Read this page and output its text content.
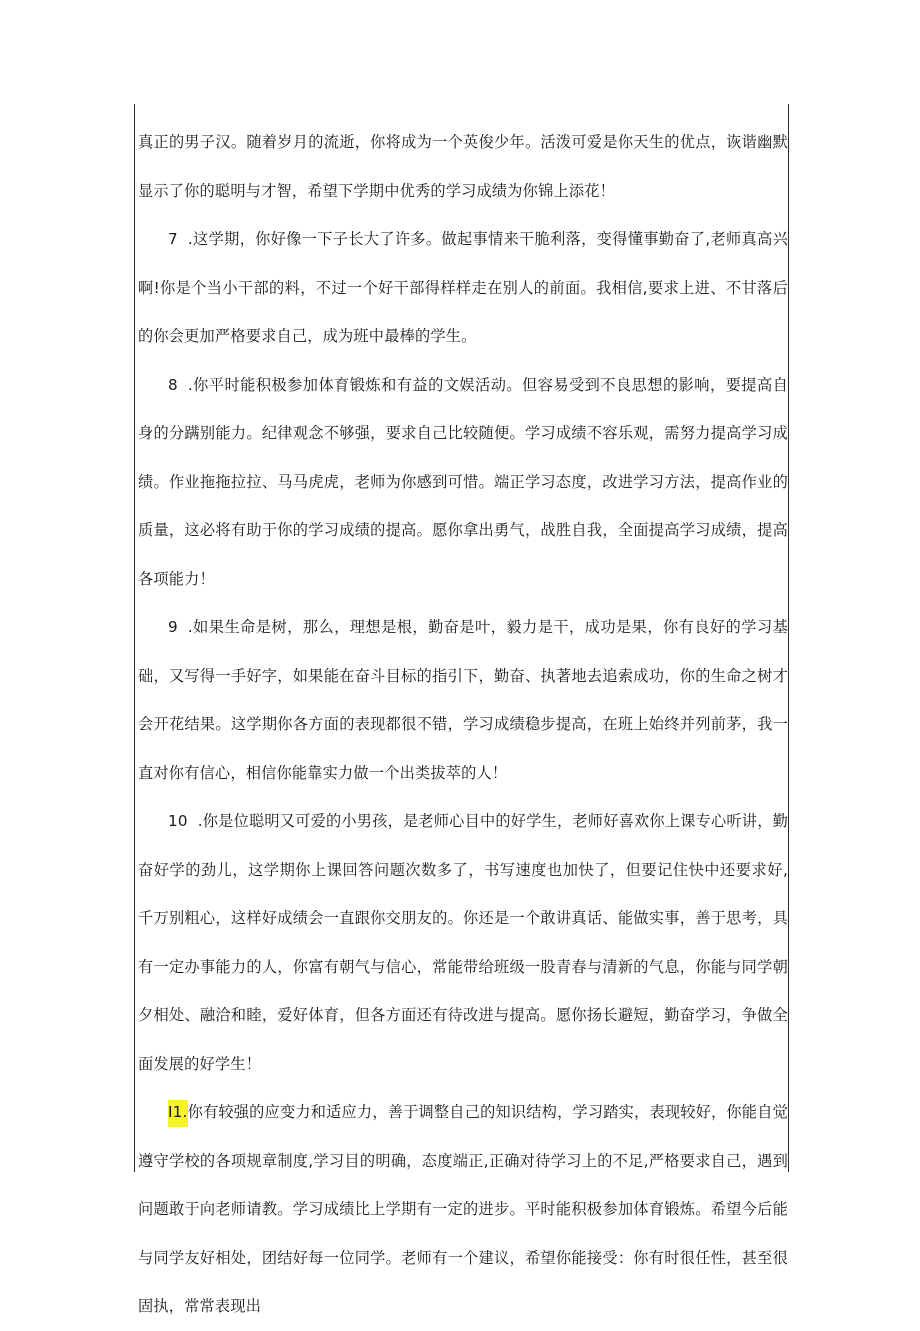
真正的男子汉。随着岁月的流逝，你将成为一个英俊少年。活泼可爱是你天生的优点，诙谐幽默显示了你的聪明与才智，希望下学期中优秀的学习成绩为你锦上添花！

7 .这学期，你好像一下子长大了许多。做起事情来干脆利落，变得懂事勤奋了,老师真高兴啊!你是个当小干部的料，不过一个好干部得样样走在别人的前面。我相信,要求上进、不甘落后的你会更加严格要求自己，成为班中最棒的学生。

8 .你平时能积极参加体育锻炼和有益的文娱活动。但容易受到不良思想的影响，要提高自身的分蹒别能力。纪律观念不够强，要求自己比较随便。学习成绩不容乐观，需努力提高学习成绩。作业拖拖拉拉、马马虎虎，老师为你感到可惜。端正学习态度，改进学习方法，提高作业的质量，这必将有助于你的学习成绩的提高。愿你拿出勇气，战胜自我，全面提高学习成绩，提高各项能力！

9 .如果生命是树，那么，理想是根，勤奋是叶，毅力是干，成功是果，你有良好的学习基础，又写得一手好字，如果能在奋斗目标的指引下，勤奋、执著地去追索成功，你的生命之树才会开花结果。这学期你各方面的表现都很不错，学习成绩稳步提高，在班上始终并列前茅，我一直对你有信心，相信你能靠实力做一个出类拔萃的人！

10 .你是位聪明又可爱的小男孩，是老师心目中的好学生，老师好喜欢你上课专心听讲，勤奋好学的劲儿，这学期你上课回答问题次数多了，书写速度也加快了，但要记住快中还要求好,千万别粗心，这样好成绩会一直跟你交朋友的。你还是一个敢讲真话、能做实事，善于思考，具有一定办事能力的人，你富有朝气与信心，常能带给班级一股青春与清新的气息，你能与同学朝夕相处、融洽和睦，爱好体育，但各方面还有待改进与提高。愿你扬长避短，勤奋学习，争做全面发展的好学生！

I1.你有较强的应变力和适应力，善于调整自己的知识结构，学习踏实，表现较好，你能自觉遵守学校的各项规章制度,学习目的明确，态度端正,正确对待学习上的不足,严格要求自己，遇到问题敢于向老师请教。学习成绩比上学期有一定的进步。平时能积极参加体育锻炼。希望今后能与同学友好相处，团结好每一位同学。老师有一个建议，希望你能接受：你有时很任性，甚至很固执，常常表现出
